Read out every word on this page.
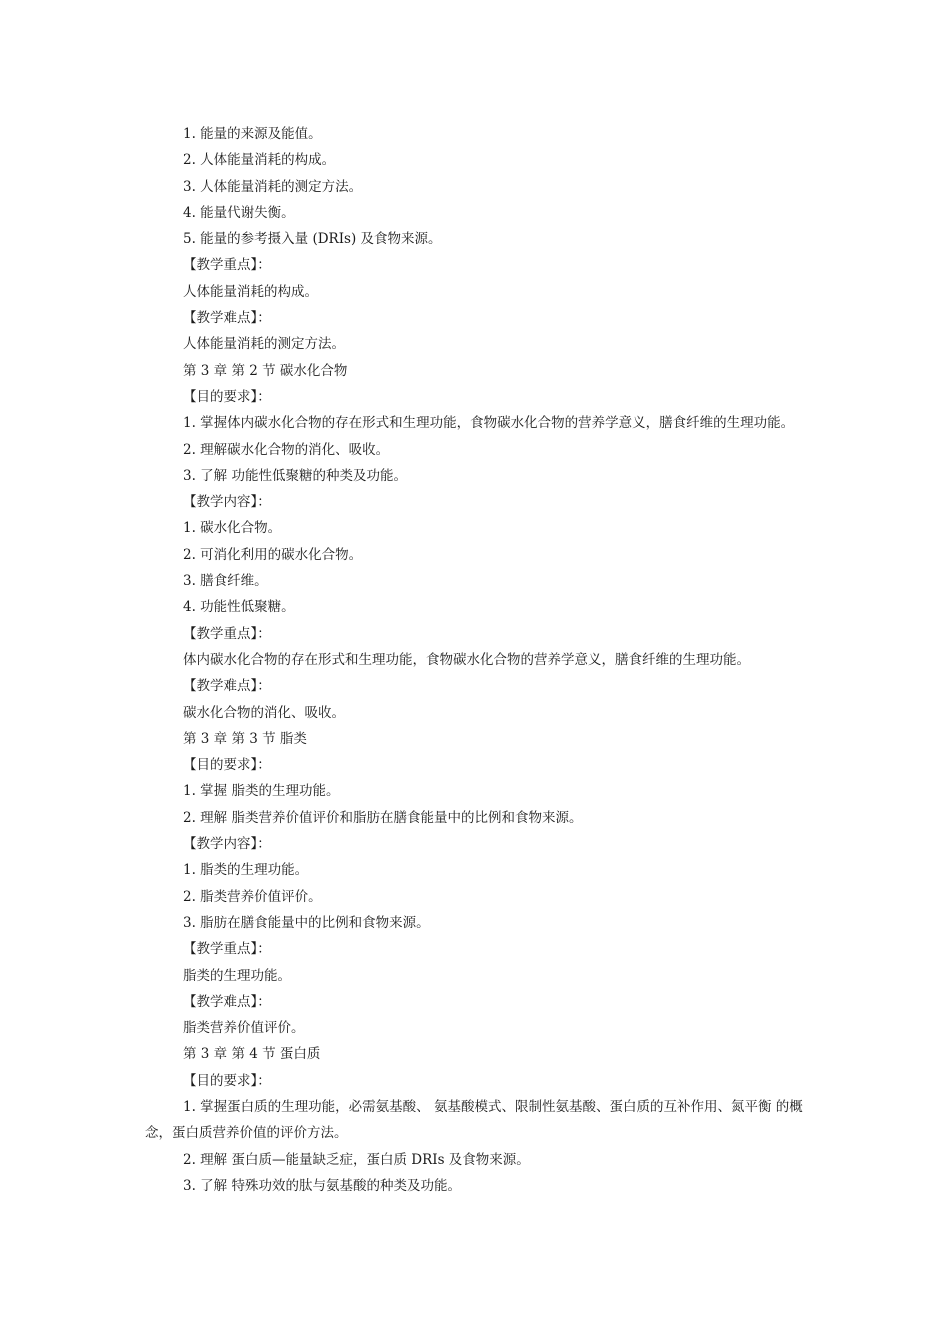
1. 能量的来源及能值。
2. 人体能量消耗的构成。
3. 人体能量消耗的测定方法。
4. 能量代谢失衡。
5. 能量的参考摄入量 (DRIs) 及食物来源。
【教学重点】：
人体能量消耗的构成。
【教学难点】：
人体能量消耗的测定方法。
第 3 章 第 2 节 碳水化合物
【目的要求】：
1. 掌握体内碳水化合物的存在形式和生理功能，食物碳水化合物的营养学意义，膳食纤维的生理功能。
2. 理解碳水化合物的消化、吸收。
3. 了解 功能性低聚糖的种类及功能。
【教学内容】：
1. 碳水化合物。
2. 可消化利用的碳水化合物。
3. 膳食纤维。
4. 功能性低聚糖。
【教学重点】：
体内碳水化合物的存在形式和生理功能，食物碳水化合物的营养学意义，膳食纤维的生理功能。
【教学难点】：
碳水化合物的消化、吸收。
第 3 章 第 3 节 脂类
【目的要求】：
1. 掌握 脂类的生理功能。
2. 理解 脂类营养价值评价和脂肪在膳食能量中的比例和食物来源。
【教学内容】：
1. 脂类的生理功能。
2. 脂类营养价值评价。
3. 脂肪在膳食能量中的比例和食物来源。
【教学重点】：
脂类的生理功能。
【教学难点】：
脂类营养价值评价。
第 3 章 第 4 节 蛋白质
【目的要求】：
1. 掌握蛋白质的生理功能，必需氨基酸、 氨基酸模式、限制性氨基酸、蛋白质的互补作用、氮平衡 的概念，蛋白质营养价值的评价方法。
2. 理解 蛋白质—能量缺乏症，蛋白质 DRIs 及食物来源。
3. 了解 特殊功效的肽与氨基酸的种类及功能。
